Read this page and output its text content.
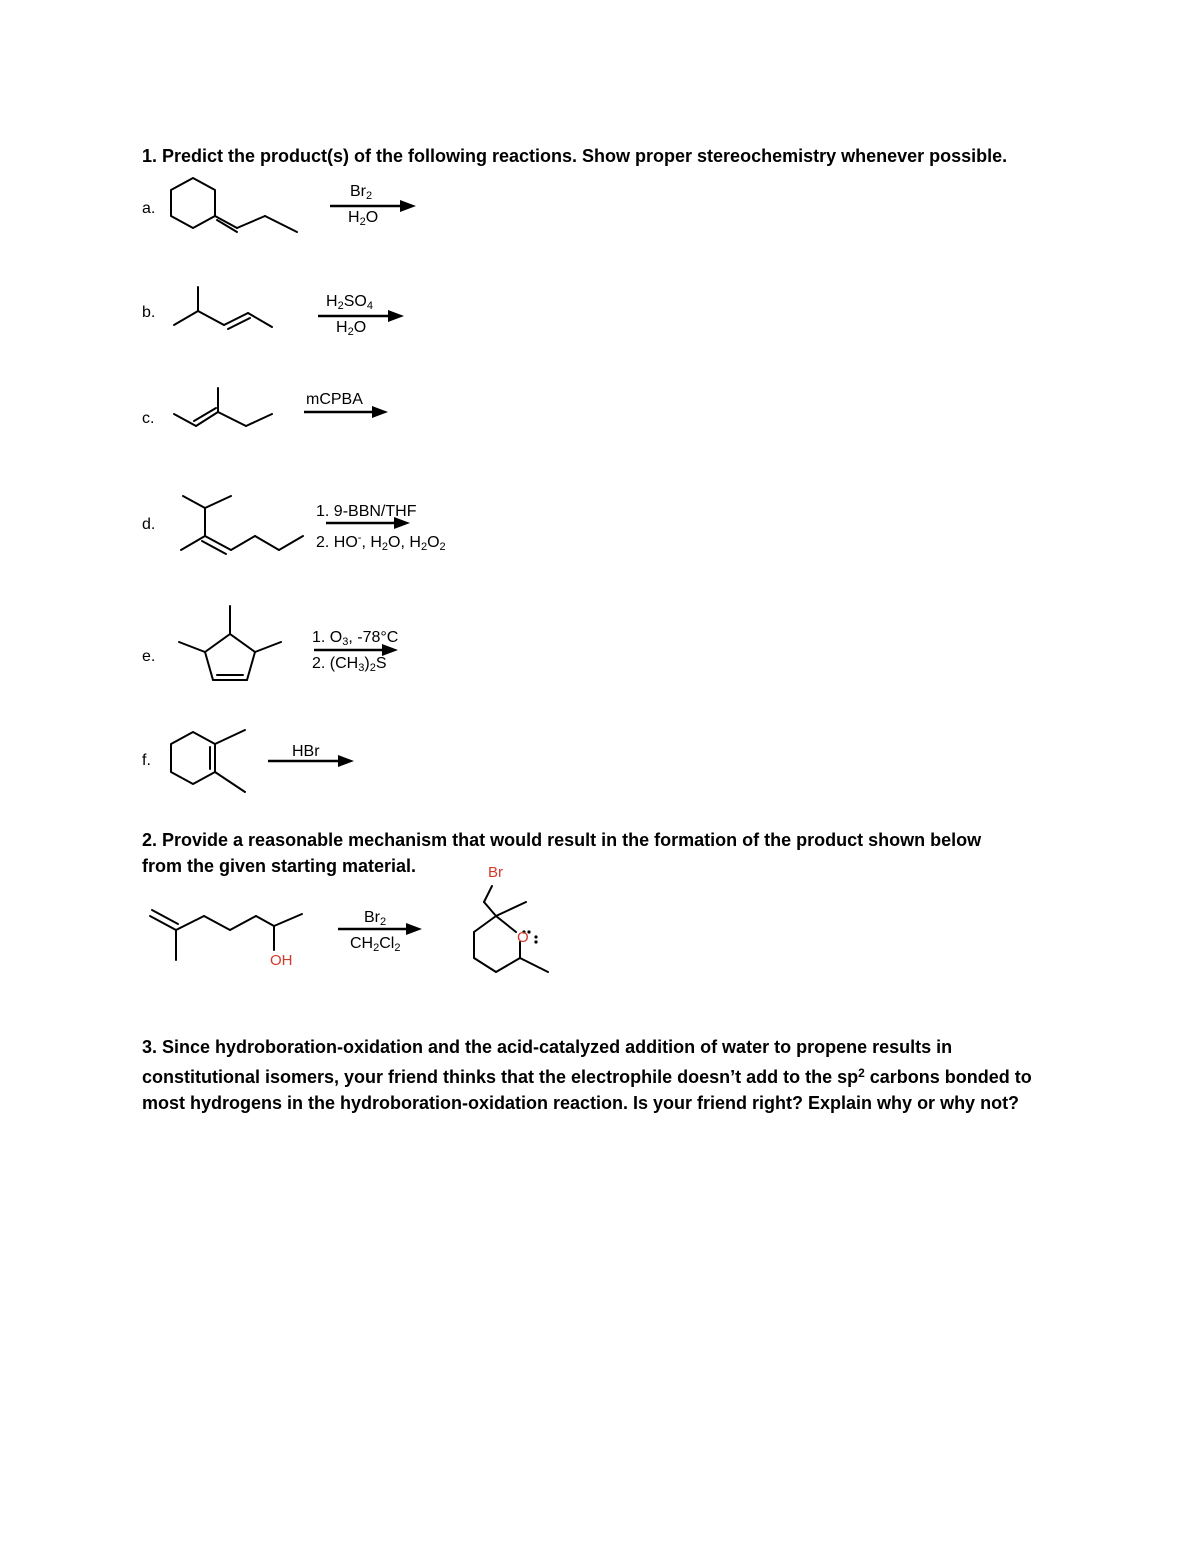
1. Predict the product(s) of the following reactions. Show proper stereochemistry whenever possible.

a.
$Br_2$
$H_2O$
b.
$H_2SO_4$
$H_2O$
c.
mCPBA
d.
1. 9-BBN/THF
2. HO-, $H_2O$, $H_2O_2$
e.
1. $O_3$, -78°C
2. $(CH_3)_2S$
f.
HBr

2. Provide a reasonable mechanism that would result in the formation of the product shown below

from the given starting material.

OH
$Br_2$
$CH_2Cl_2$
Br
O

3. Since hydroboration-oxidation and the acid-catalyzed addition of water to propene results in constitutional isomers, your friend thinks that the electrophile doesn’t add to the $sp^2$ carbons bonded to most hydrogens in the hydroboration-oxidation reaction. Is your friend right? Explain why or why not?
